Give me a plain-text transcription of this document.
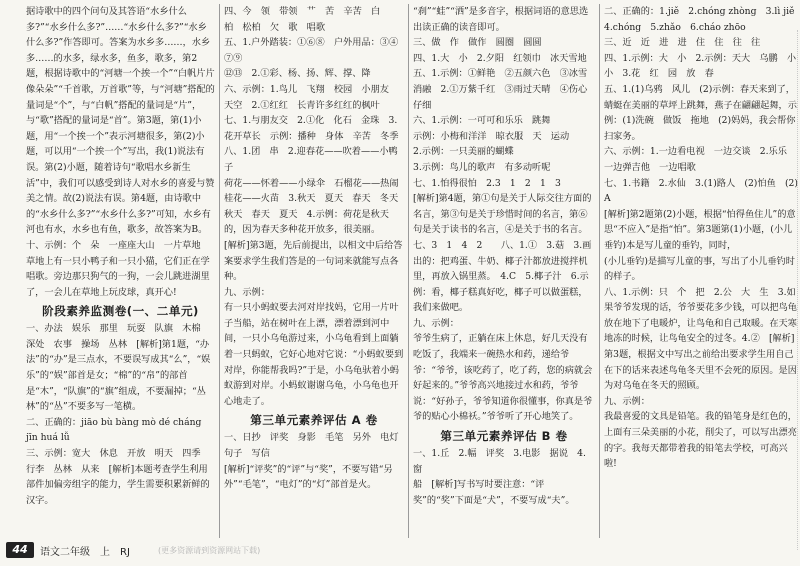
据诗歌中的四个问句及其答语“水乡什么多?”“水乡什么多?”……“水乡什么多?”“水乡什么多?”作答即可。答案为水乡多……，水乡多……的水多，绿水多，鱼多，歌多，第2题，根据诗歌中的“河塘一个挨一个”“白帆片片像朵朵”“千首歌，万首歌”等，与“河塘”搭配的量词是“个”，与“白帆”搭配的量词是“片”，与“歌”搭配的量词是“首”。第3题，第(1)小题，用“一个挨一个”表示河塘很多，第(2)小题，可以用“一个挨一个”写出，我(1)说法有误。第(2)小题，随着诗句“歌唱水乡新生活”中，我们可以感受到诗人对水乡的喜爱与赞美之情。故(2)说法有误。第4题，由诗歌中的“水乡什么多?”“水乡什么多?”可知，水乡有河也有水，水乡也有鱼，歌多，故答案为B。

十、示例：个　朵　一座座大山　一片草地
草地上有一只小鸭子和一只小猫，它们正在学唱歌。旁边那只狗气的一狗，一会儿跳进湖里了，一会儿在草地上玩皮球，真开心!

阶段素养监测卷(一、二单元)

一、办法　娱乐　那里　玩耍　队旗　木棉
深处　农事　操场　丛林　[解析]第1题，“办法”的“办”是三点水，不要误写成其“么”，“娱乐”的“娱”部首是女；“棉”的“帛”的部首是“木”，“队旗”的“旗”组成，不要漏掉；“丛林”的“丛”不要多写一笔横。

二、正确的：jiāo bù bàng mò dé cháng
jīn huá lǚ

三、示例：宽大　休息　开放　明天　四季
行李　丛林　从来　[解析]本题考查学生利用部件加偏旁组字的能力，学生需要积累新鲜的汉字。

四、今　领　带领　艹　苦　辛苦　白
柏　松柏　欠　歌　唱歌

五、1.户外踏装：①⑥⑧　户外用品：③④⑦⑨
⑫⑬　2.①彩、杨、扬、辉、撑、降
六、示例：1.鸟儿　飞翔　校园　小朋友　天空　2.①红红　长青许多红红的枫叶

七、1.与朋友交　2.①化　化石　金珠　3.花开草长　示例：播种　身体　辛苦　冬季

八、1.团　串　2.迎春花——吹着——小鸭子
荷花——怀着——小绿伞　石榴花——热闹
桂花——火苗　3.秋天　夏天　春天　冬天　秋天　春天　夏天　4.示例：荷花是秋天的，因为春天多种花开放多，很美丽。

[解析]第3题，先后前提出，以相文中后给答案要求学生我们答是的一句词来就能写点各种。

九、示例：
有一只小蚂蚁要去河对岸找妈，它用一片叶子当船，站在树叶在上漂，漂着漂到河中间，一只小乌龟游过来，小乌龟看到上面躺着一只蚂蚁，它好心地对它说：“小蚂蚁要到对岸，你能帮我吗?”于是，小乌龟驮着小蚂蚁游到对岸。小蚂蚁谢谢乌龟，小乌龟也开心地走了。

第三单元素养评估 A 卷

一、日抄　评奖　身影　毛笔　另外　电灯
句子　写信

[解析]“评奖”的“评”与“奖”，不要写错“另外”“毛笔”，“电灯”的“灯”部首是火。

“刹”“蛙”“洒”是多音字，根据词语的意思选出读正确的读音即可。

三、做　作　做作　圆圈　圆圆

四、1.大　小　2.夕阳　红领巾　冰天雪地
五、1.示例：①鲜艳　②五颜六色　③冰雪消融　2.①万紫千红　③雨过天晴　④伤心
仔细

六、1.示例：一可可和乐乐　跳舞
示例：小梅和洋洋　晾衣服　天　运动
2.示例：一只美丽的蝴蝶
3.示例：鸟儿的歌声　有多动听呢

七、1.怕得很怕　2.3　1　2　1　3
[解析]第4题，第①句是关于人际交往方面的名言，第③句是关于珍惜时间的名言，第⑥句是关于读书的名言，④是关于书的名言。

七、3　1　4　2　　八、1.①　3.菇　3.画出的：把鸡蛋、牛奶、椰子汁都放进搅拌机里，再放入锅里蒸。　4.C　5.椰子汁　6.示例：看，椰子糕真好吃，椰子可以做蛋糕，我们来做吧。

九、示例：
爷爷生病了，正躺在床上休息，好几天没有吃饭了，我端来一碗热水和药，递给爷爷：“爷爷，该吃药了，吃了药，您的病就会好起来的。”爷爷高兴地接过水和药，爷爷说：“好孙子，爷爷知道你很懂事，你真是爷爷的贴心小棉袄。”爷爷听了开心地笑了。

第三单元素养评估 B 卷

一、1.丘　2.幅　评奖　3.电影　据说　4.窗
船　[解析]写书写时要注意：“评奖”的“奖”下面是“犬”，不要写成“夫”。

二、正确的：1.jiě　2.chóng zhòng　3.lì jiě
4.chóng　5.zhǎo　6.cháo zhōo

三、近　近　进　进　住　住　往　往

四、1.示例：大　小　2.示例：天大　乌鹏　小小　3.花　红　园　放　春

五、1.(1)乌鸦　风儿　(2)示例：春天来到了，蜻蜓在美丽的草坪上跳舞，燕子在翩翩起舞，示例：(1)洗碗　做饭　拖地　(2)妈妈，我会帮你扫家务。

六、示例：1.一边看电视　一边交谈　2.乐乐
一边弹吉他　一边唱歌

七、1.书籍　2.水仙　3.(1)路人　(2)怕鱼　(2)A
[解析]第2题第(2)小题，根据“怕得鱼住儿”的意思“不应入”是指“怕”。第3题第(1)小题，(小儿垂钓)本是写儿童的垂钓，同时，
(小儿垂钓)是描写儿童的事，写出了小儿垂钓时的样子。

八、1.示例：只　个　把　2.公　大　生　3.如果爷爷发现的话，爷爷要花多少钱，可以把鸟龟放在地下了电暖炉，让鸟龟和自己取暖。在天寒地冻的时候，让鸟龟安全的过冬。4.②　[解析]第3题，根据文中写出之前给出要求学生用自己在下的话来表述鸟龟冬天里不会死的原因。是因为对乌龟在冬天的照顾。

九、示例：
我最喜爱的文具是铅笔。我的铅笔身是红色的，上面有三朵美丽的小花，削尖了，可以写出漂亮的字。我每天都带着我的铅笔去学校，可高兴啦!

44	语文二年级　上　RJ	(更多资源请到资源网站下载)
